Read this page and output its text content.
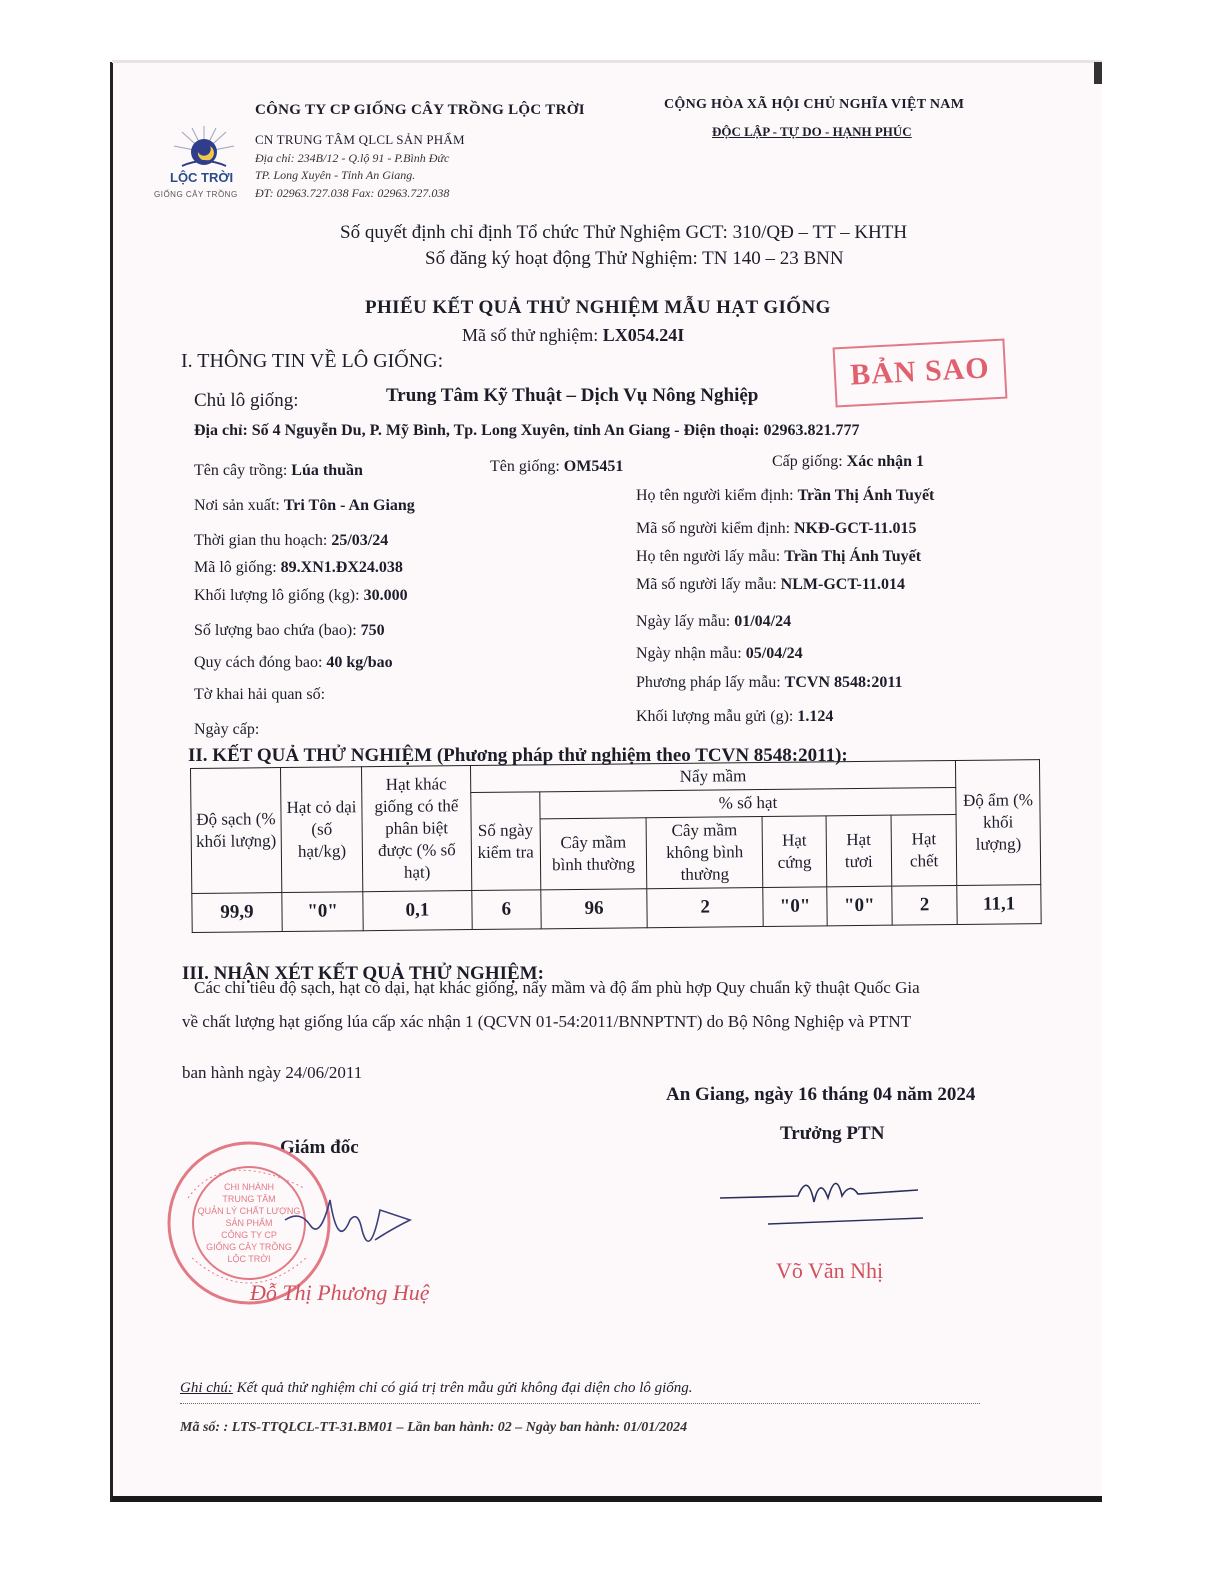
LỘC TRỜI
GIỐNG CÂY TRỒNG
CÔNG TY CP GIỐNG CÂY TRỒNG LỘC TRỜI
CN TRUNG TÂM QLCL SẢN PHẨM
Địa chỉ: 234B/12 - Q.lộ 91 - P.Bình Đức
TP. Long Xuyên - Tỉnh An Giang.
ĐT: 02963.727.038 Fax: 02963.727.038
CỘNG HÒA XÃ HỘI CHỦ NGHĨA VIỆT NAM
ĐỘC LẬP - TỰ DO - HẠNH PHÚC
Số quyết định chỉ định Tổ chức Thử Nghiệm GCT: 310/QĐ – TT – KHTH
Số đăng ký hoạt động Thử Nghiệm: TN 140 – 23 BNN
PHIẾU KẾT QUẢ THỬ NGHIỆM MẪU HẠT GIỐNG
Mã số thử nghiệm: LX054.24I
BẢN SAO
I. THÔNG TIN VỀ LÔ GIỐNG:
Chủ lô giống:	Trung Tâm Kỹ Thuật – Dịch Vụ Nông Nghiệp
Địa chỉ: Số 4 Nguyễn Du, P. Mỹ Bình, Tp. Long Xuyên, tỉnh An Giang - Điện thoại: 02963.821.777
Tên cây trồng: Lúa thuần	Tên giống: OM5451	Cấp giống: Xác nhận 1
Nơi sản xuất: Tri Tôn - An Giang
Họ tên người kiểm định: Trần Thị Ánh Tuyết
Thời gian thu hoạch: 25/03/24
Mã số người kiểm định: NKĐ-GCT-11.015
Mã lô giống: 89.XN1.ĐX24.038
Họ tên người lấy mẫu: Trần Thị Ánh Tuyết
Khối lượng lô giống (kg): 30.000
Mã số người lấy mẫu: NLM-GCT-11.014
Số lượng bao chứa (bao): 750
Ngày lấy mẫu: 01/04/24
Quy cách đóng bao: 40 kg/bao
Ngày nhận mẫu: 05/04/24
Tờ khai hải quan số:
Phương pháp lấy mẫu: TCVN 8548:2011
Ngày cấp:
Khối lượng mẫu gửi (g): 1.124
II. KẾT QUẢ THỬ NGHIỆM (Phương pháp thử nghiệm theo TCVN 8548:2011):
Độ sạch (% khối lượng)	Hạt cỏ dại (số hạt/kg)	Hạt khác giống có thể phân biệt được (% số hạt)	Nẩy mầm						Độ ẩm (% khối lượng)
			Số ngày kiểm tra	% số hạt					
				Cây mầm bình thường	Cây mầm không bình thường	Hạt cứng	Hạt tươi	Hạt chết	
99,9	"0"	0,1	6	96	2	"0"	"0"	2	11,1
III. NHẬN XÉT KẾT QUẢ THỬ NGHIỆM:
Các chỉ tiêu độ sạch, hạt cỏ dại, hạt khác giống, nẩy mầm và độ ẩm phù hợp Quy chuẩn kỹ thuật Quốc Gia
về chất lượng hạt giống lúa cấp xác nhận 1 (QCVN 01-54:2011/BNNPTNT) do Bộ Nông Nghiệp và PTNT
ban hành ngày 24/06/2011
An Giang, ngày 16 tháng 04 năm 2024
Trưởng PTN
Giám đốc
CHI NHÁNH
TRUNG TÂM
QUẢN LÝ CHẤT LƯỢNG
SẢN PHẨM
CÔNG TY CP
GIỐNG CÂY TRỒNG
LỘC TRỜI	Võ Văn Nhị
Đỗ Thị Phương Huệ
Ghi chú: Kết quả thử nghiệm chỉ có giá trị trên mẫu gửi không đại diện cho lô giống.
Mã số: : LTS-TTQLCL-TT-31.BM01 – Lần ban hành: 02 – Ngày ban hành: 01/01/2024
